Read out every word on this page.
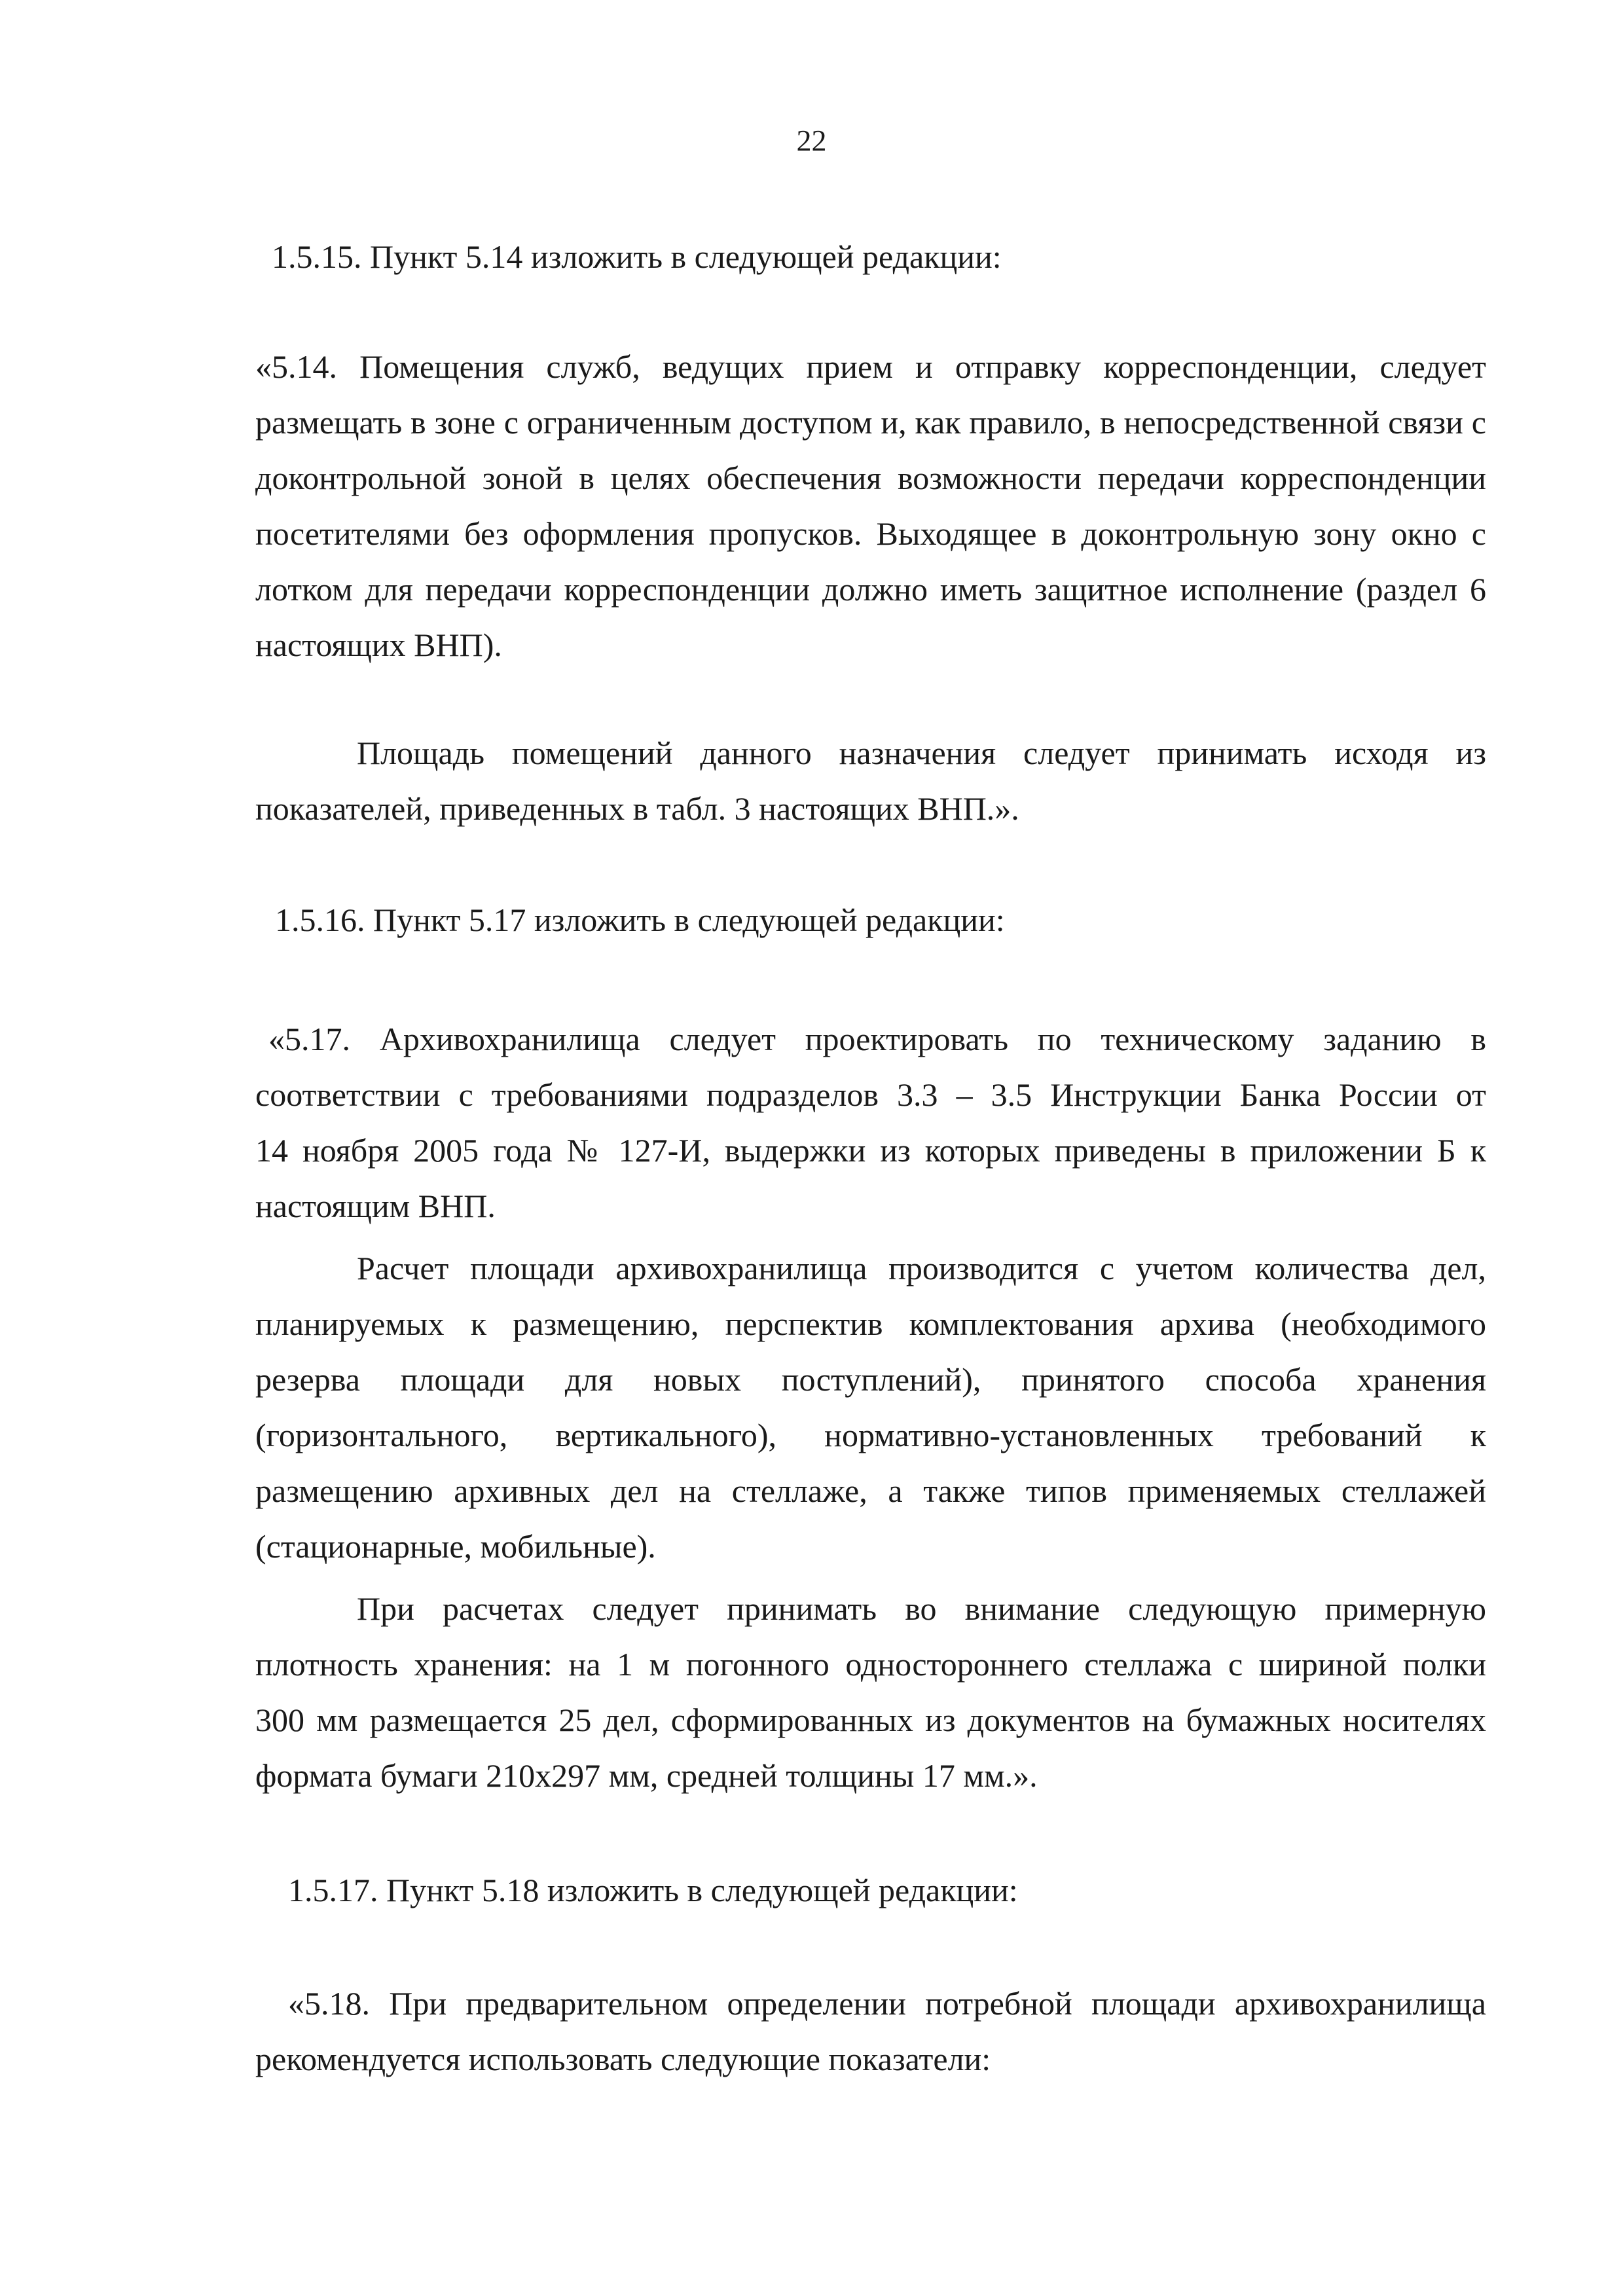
22
1.5.15. Пункт 5.14 изложить в следующей редакции:
«5.14. Помещения служб, ведущих прием и отправку корреспонденции, следует
размещать в зоне с ограниченным доступом и, как правило, в непосредственной связи с
доконтрольной зоной в целях обеспечения возможности передачи корреспонденции
посетителями без оформления пропусков. Выходящее в доконтрольную зону окно с
лотком для передачи корреспонденции должно иметь защитное исполнение (раздел 6
настоящих ВНП).
Площадь помещений данного назначения следует принимать исходя из
показателей, приведенных в табл. 3 настоящих ВНП.».
1.5.16. Пункт 5.17 изложить в следующей редакции:
«5.17. Архивохранилища следует проектировать по техническому заданию в
соответствии с требованиями подразделов 3.3 – 3.5 Инструкции Банка России от
14 ноября 2005 года № 127-И, выдержки из которых приведены в приложении Б к
настоящим ВНП.
Расчет площади архивохранилища производится с учетом количества дел,
планируемых к размещению, перспектив комплектования архива (необходимого
резерва площади для новых поступлений), принятого способа хранения
(горизонтального, вертикального), нормативно-установленных требований к
размещению архивных дел на стеллаже, а также типов применяемых стеллажей
(стационарные, мобильные).
При расчетах следует принимать во внимание следующую примерную
плотность хранения: на 1 м погонного одностороннего стеллажа с шириной полки
300 мм размещается 25 дел, сформированных из документов на бумажных носителях
формата бумаги 210х297 мм, средней толщины 17 мм.».
1.5.17. Пункт 5.18 изложить в следующей редакции:
«5.18. При предварительном определении потребной площади архивохранилища
рекомендуется использовать следующие показатели:
